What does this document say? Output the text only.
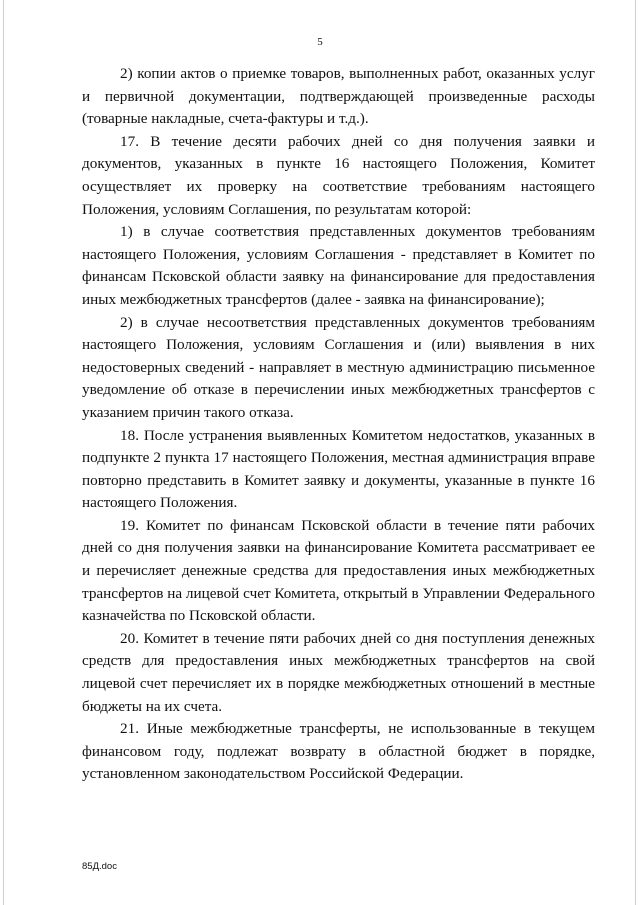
5

2) копии актов о приемке товаров, выполненных работ, оказанных услуг и первичной документации, подтверждающей произведенные расходы (товарные накладные, счета-фактуры и т.д.).

17. В течение десяти рабочих дней со дня получения заявки и документов, указанных в пункте 16 настоящего Положения, Комитет осуществляет их проверку на соответствие требованиям настоящего Положения, условиям Соглашения, по результатам которой:

1) в случае соответствия представленных документов требованиям настоящего Положения, условиям Соглашения - представляет в Комитет по финансам Псковской области заявку на финансирование для предоставления иных межбюджетных трансфертов (далее - заявка на финансирование);

2) в случае несоответствия представленных документов требованиям настоящего Положения, условиям Соглашения и (или) выявления в них недостоверных сведений - направляет в местную администрацию письменное уведомление об отказе в перечислении иных межбюджетных трансфертов с указанием причин такого отказа.

18. После устранения выявленных Комитетом недостатков, указанных в подпункте 2 пункта 17 настоящего Положения, местная администрация вправе повторно представить в Комитет заявку и документы, указанные в пункте 16 настоящего Положения.

19. Комитет по финансам Псковской области в течение пяти рабочих дней со дня получения заявки на финансирование Комитета рассматривает ее и перечисляет денежные средства для предоставления иных межбюджетных трансфертов на лицевой счет Комитета, открытый в Управлении Федерального казначейства по Псковской области.

20. Комитет в течение пяти рабочих дней со дня поступления денежных средств для предоставления иных межбюджетных трансфертов на свой лицевой счет перечисляет их в порядке межбюджетных отношений в местные бюджеты на их счета.

21. Иные межбюджетные трансферты, не использованные в текущем финансовом году, подлежат возврату в областной бюджет в порядке, установленном законодательством Российской Федерации.

85Д.doc
